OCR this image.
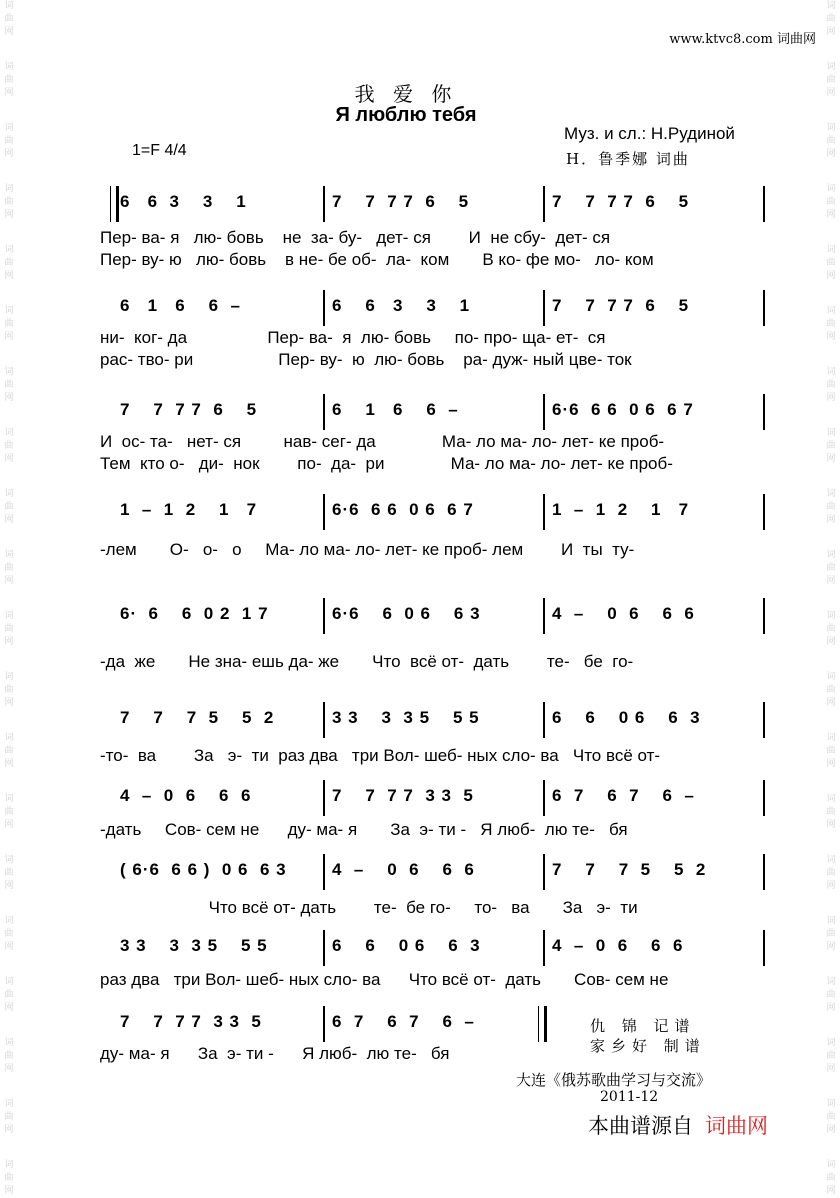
词曲网
词曲网
词曲网
词曲网
词曲网
词曲网
词曲网
词曲网
词曲网
词曲网
词曲网
词曲网
词曲网
词曲网
词曲网
词曲网
词曲网
词曲网
词曲网
词曲网
词曲网
词曲网
词曲网
词曲网
词曲网
词曲网
词曲网
词曲网
词曲网
词曲网
词曲网
词曲网
词曲网
词曲网
词曲网
词曲网
词曲网
词曲网
词曲网
词曲网
www.ktvc8.com 词曲网
我 爱 你
Я люблю тебя
Муз. и сл.: Н.Рудиной
Н．鲁季娜 词曲
1=F 4/4
6   6  3    3    1	7    7  7 7  6    5	7    7  7 7  6    5
6   1   6    6  –	6    6   3    3    1	7    7  7 7  6    5
7    7  7 7  6    5	6    1   6    6  –	6·6  6 6  0 6  6 7
1  –  1  2    1   7	6·6  6 6  0 6  6 7	1  –  1  2    1   7
6·  6    6  0 2  1 7	6·6    6  0 6    6 3	4  –    0  6    6  6
7    7    7  5    5  2	3 3    3  3 5    5 5	6    6    0 6    6  3
4  –  0  6    6  6	7    7  7 7  3 3  5	6  7    6  7    6  –
( 6·6  6 6 )  0 6  6 3	4  –    0  6    6  6	7    7    7  5    5  2
3 3    3  3 5    5 5	6    6    0 6    6  3	4  –  0  6    6  6
7    7  7 7  3 3  5	6  7    6  7    6  –
Пер- ва- я   лю- бовь    не  за- бу-   дет- ся        И  не сбу-  дет- ся
Пер- ву- ю   лю- бовь    в не- бе об-  ла-  ком       В ко- фе мо-   ло- ком
ни-  ког- да                 Пер- ва-  я  лю- бовь     по- про- ща- ет-  ся
рас- тво- ри                  Пер- ву-  ю  лю- бовь    ра- дуж- ный цве- ток
И  ос- та-   нет- ся         нав- сег- да              Ма- ло ма- ло- лет- ке проб-
Тем  кто о-   ди-  нок        по-  да-  ри              Ма- ло ма- ло- лет- ке проб-
-лем       О-   о-   о     Ма- ло ма- ло- лет- ке проб- лем        И  ты  ту-
-да  же       Не зна- ешь да- же       Что  всё от-  дать        те-   бе  го-
-то-  ва        За   э-  ти  раз два   три Вол- шеб- ных сло- ва   Что всё от-
-дать     Сов- сем не      ду- ма- я       За  э- ти -   Я люб-  лю те-   бя
Что всё от- дать        те-  бе го-     то-   ва       За   э-  ти
раз два   три Вол- шеб- ных сло- ва      Что всё от-  дать       Сов- сем не
ду- ма- я      За  э- ти -      Я люб-  лю те-   бя
仇 锦 记谱
家乡好 制谱
大连《俄苏歌曲学习与交流》
2011-12
本曲谱源自 词曲网
